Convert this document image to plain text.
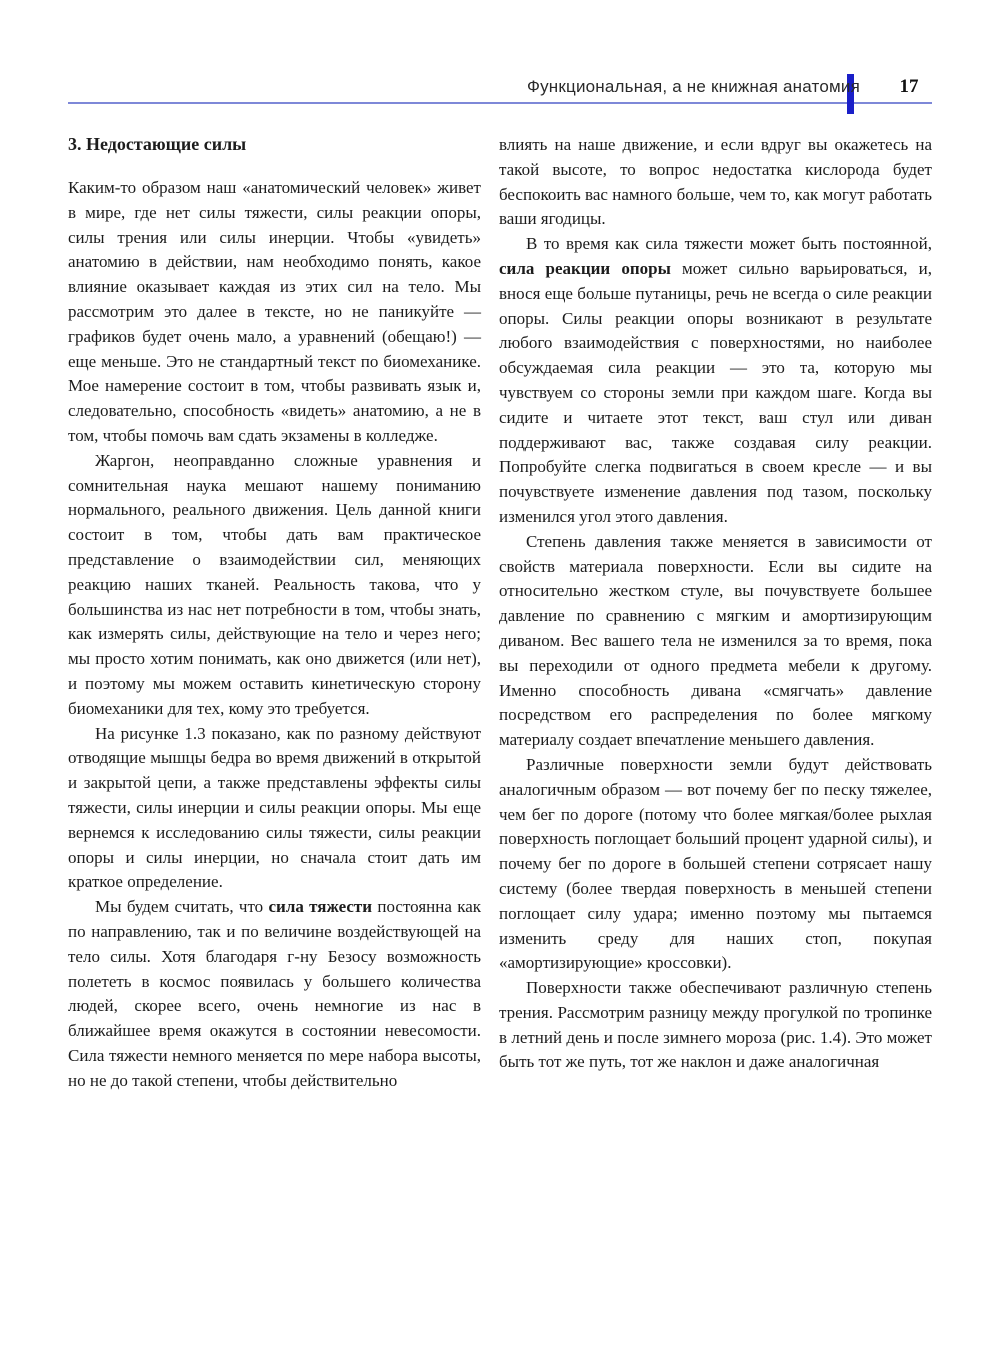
Функциональная, а не книжная анатомия	17
3. Недостающие силы

Каким-то образом наш «анатомический человек» живет в мире, где нет силы тяжести, силы реакции опоры, силы трения или силы инерции. Чтобы «увидеть» анатомию в действии, нам необходимо понять, какое влияние оказывает каждая из этих сил на тело. Мы рассмотрим это далее в тексте, но не паникуйте — графиков будет очень мало, а уравнений (обещаю!) — еще меньше. Это не стандартный текст по биомеханике. Мое намерение состоит в том, чтобы развивать язык и, следовательно, способность «видеть» анатомию, а не в том, чтобы помочь вам сдать экзамены в колледже.

Жаргон, неоправданно сложные уравнения и сомнительная наука мешают нашему пониманию нормального, реального движения. Цель данной книги состоит в том, чтобы дать вам практическое представление о взаимодействии сил, меняющих реакцию наших тканей. Реальность такова, что у большинства из нас нет потребности в том, чтобы знать, как измерять силы, действующие на тело и через него; мы просто хотим понимать, как оно движется (или нет), и поэтому мы можем оставить кинетическую сторону биомеханики для тех, кому это требуется.

На рисунке 1.3 показано, как по разному действуют отводящие мышцы бедра во время движений в открытой и закрытой цепи, а также представлены эффекты силы тяжести, силы инерции и силы реакции опоры. Мы еще вернемся к исследованию силы тяжести, силы реакции опоры и силы инерции, но сначала стоит дать им краткое определение.

Мы будем считать, что сила тяжести постоянна как по направлению, так и по величине воздействующей на тело силы. Хотя благодаря г-ну Безосу возможность полететь в космос появилась у большего количества людей, скорее всего, очень немногие из нас в ближайшее время окажутся в состоянии невесомости. Сила тяжести немного меняется по мере набора высоты, но не до такой степени, чтобы действительно

влиять на наше движение, и если вдруг вы окажетесь на такой высоте, то вопрос недостатка кислорода будет беспокоить вас намного больше, чем то, как могут работать ваши ягодицы.

В то время как сила тяжести может быть постоянной, сила реакции опоры может сильно варьироваться, и, внося еще больше путаницы, речь не всегда о силе реакции опоры. Силы реакции опоры возникают в результате любого взаимодействия с поверхностями, но наиболее обсуждаемая сила реакции — это та, которую мы чувствуем со стороны земли при каждом шаге. Когда вы сидите и читаете этот текст, ваш стул или диван поддерживают вас, также создавая силу реакции. Попробуйте слегка подвигаться в своем кресле — и вы почувствуете изменение давления под тазом, поскольку изменился угол этого давления.

Степень давления также меняется в зависимости от свойств материала поверхности. Если вы сидите на относительно жестком стуле, вы почувствуете большее давление по сравнению с мягким и амортизирующим диваном. Вес вашего тела не изменился за то время, пока вы переходили от одного предмета мебели к другому. Именно способность дивана «смягчать» давление посредством его распределения по более мягкому материалу создает впечатление меньшего давления.

Различные поверхности земли будут действовать аналогичным образом — вот почему бег по песку тяжелее, чем бег по дороге (потому что более мягкая/более рыхлая поверхность поглощает больший процент ударной силы), и почему бег по дороге в большей степени сотрясает нашу систему (более твердая поверхность в меньшей степени поглощает силу удара; именно поэтому мы пытаемся изменить среду для наших стоп, покупая «амортизирующие» кроссовки).

Поверхности также обеспечивают различную степень трения. Рассмотрим разницу между прогулкой по тропинке в летний день и после зимнего мороза (рис. 1.4). Это может быть тот же путь, тот же наклон и даже аналогичная
